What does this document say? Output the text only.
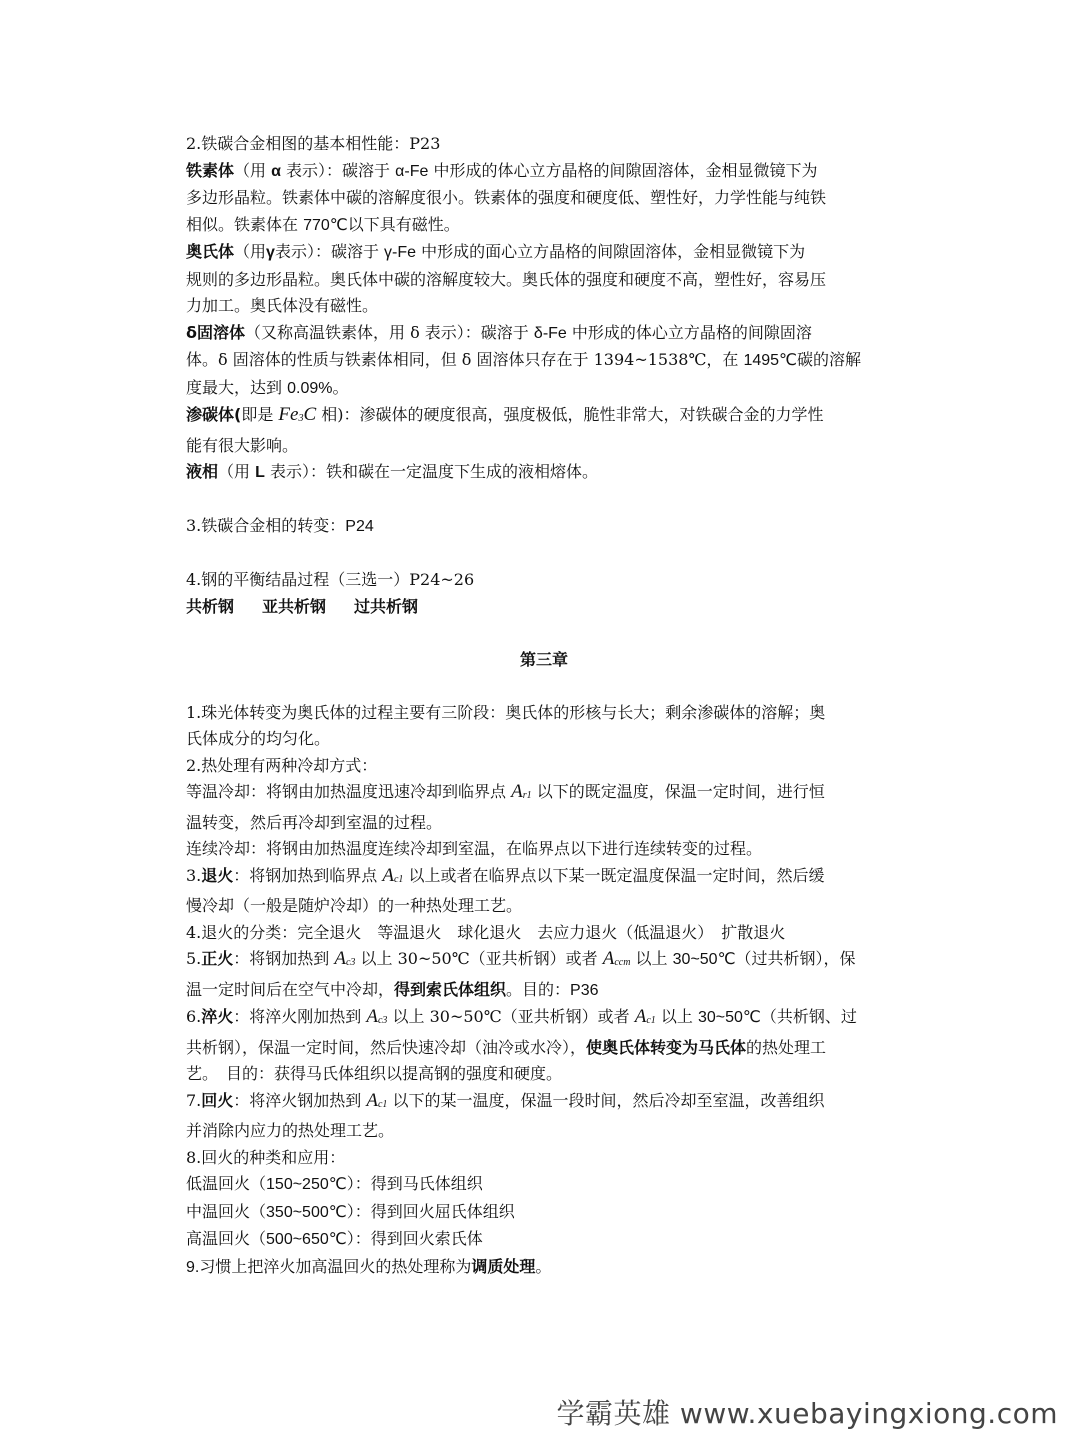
2.铁碳合金相图的基本相性能：P23

铁素体（用 α 表示）：碳溶于 α-Fe 中形成的体心立方晶格的间隙固溶体，金相显微镜下为
多边形晶粒。铁素体中碳的溶解度很小。铁素体的强度和硬度低、塑性好，力学性能与纯铁
相似。铁素体在 770℃以下具有磁性。

奥氏体（用γ表示）：碳溶于 γ-Fe 中形成的面心立方晶格的间隙固溶体，金相显微镜下为
规则的多边形晶粒。奥氏体中碳的溶解度较大。奥氏体的强度和硬度不高，塑性好，容易压
力加工。奥氏体没有磁性。

δ固溶体（又称高温铁素体，用 δ 表示）：碳溶于 δ-Fe 中形成的体心立方晶格的间隙固溶
体。δ 固溶体的性质与铁素体相同，但 δ 固溶体只存在于 1394~1538℃，在 1495℃碳的溶解
度最大，达到 0.09%。

渗碳体(即是 Fe3C 相)：渗碳体的硬度很高，强度极低，脆性非常大，对铁碳合金的力学性
能有很大影响。

液相（用 L 表示）：铁和碳在一定温度下生成的液相熔体。

3.铁碳合金相的转变：P24

4.钢的平衡结晶过程（三选一）P24~26

共析钢 亚共析钢 过共析钢

第三章

1.珠光体转变为奥氏体的过程主要有三阶段：奥氏体的形核与长大；剩余渗碳体的溶解；奥
氏体成分的均匀化。

2.热处理有两种冷却方式：

等温冷却：将钢由加热温度迅速冷却到临界点 Ar1 以下的既定温度，保温一定时间，进行恒
温转变，然后再冷却到室温的过程。

连续冷却：将钢由加热温度连续冷却到室温，在临界点以下进行连续转变的过程。

3.退火：将钢加热到临界点 Ac1 以上或者在临界点以下某一既定温度保温一定时间，然后缓
慢冷却（一般是随炉冷却）的一种热处理工艺。

4.退火的分类：完全退火　等温退火　球化退火　去应力退火（低温退火）　扩散退火

5.正火：将钢加热到 Ac3 以上 30~50℃（亚共析钢）或者 Accm 以上 30~50℃（过共析钢），保
温一定时间后在空气中冷却，得到索氏体组织。目的：P36

6.淬火：将淬火刚加热到 Ac3 以上 30~50℃（亚共析钢）或者 Ac1 以上 30~50℃（共析钢、过
共析钢），保温一定时间，然后快速冷却（油冷或水冷），使奥氏体转变为马氏体的热处理工
艺。　目的：获得马氏体组织以提高钢的强度和硬度。

7.回火：将淬火钢加热到 Ac1 以下的某一温度，保温一段时间，然后冷却至室温，改善组织
并消除内应力的热处理工艺。

8.回火的种类和应用：

低温回火（150~250℃）：得到马氏体组织

中温回火（350~500℃）：得到回火屈氏体组织

高温回火（500~650℃）：得到回火索氏体

9.习惯上把淬火加高温回火的热处理称为调质处理。

学霸英雄 www.xuebayingxiong.com
